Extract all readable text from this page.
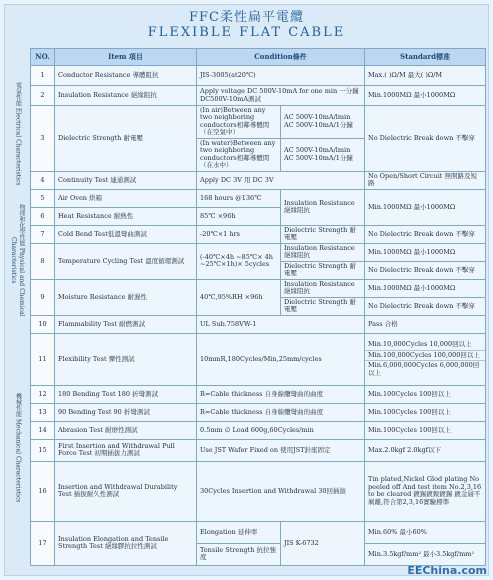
FFC柔性扁平電纜
FLEXIBLE FLAT CABLE
電氣性能 Electrical Characteristics
物理和化學性能 Physical and Chemical Characteristics
機械性能 Mechanical Characteristics
NO.	Item 項目	Condition條件		Standard標准
1	Conductor Resistance 導體阻抗	JIS-3005(at20℃)		Max.( )Ω/M 最大( )Ω/M
2	Insulation Resistance 絕緣阻抗	Apply voltage DC 500V-10mA for one min 一分鐘DC500V-10mA測試		Min.1000MΩ 最小1000MΩ
3	Dielectric Strength 耐電壓	(In air)Between any two neighboring conductors相鄰導體間（在空氣中）	AC 500V-10mA/lmin AC 500V-10mA/1分鐘	No Dielectric Break down 不擊穿
		(In water)Between any two neighboring conductors相鄰導體間（在水中）	AC 500V-10mA/lmin AC 500V-10mA/1分鐘	
4	Continuity Test 連通測試	Apply DC 3V 用 DC 3V		No Open/Short Circuit 無開路及短路
5	Air Oven 烘箱	168 hours @136℃	Insulation Resistance 絕緣阻抗	Min.1000MΩ 最小1000MΩ
6	Heat Resistance 耐熱性	85℃ ×96h		
7	Cold Bend Test低溫彎曲測試	-20℃×1 hrs	Dielectric Strength 耐電壓	No Dielectric Break down 不擊穿
8	Temperature Cycling Test 溫度循環測試	(-40℃×4h ~85℃× 4h ~25℃×1h)× 5cycles	Insulation Resistance 絕緣阻抗	Min.1000MΩ 最小1000MΩ
			Dielectric Strength 耐電壓	No Dielectric Break down 不擊穿
9	Moisture Resistance 耐濕性	40℃,95%RH ×96h	Insulation Resistance 絕緣阻抗	Min.1000MΩ 最小1000MΩ
			Dielectric Strength 耐電壓	No Dielectric Break down 不擊穿
10	Flammability Test 耐燃測試	UL Sub.758VW-1		Pass 合格
11	Flexibility Test 彈性測試	10mmR,180Cycles/Min,25mm/cycles		Min.10,000Cycles 10,000回以上
Min.100,000Cycles 100,000回以上
Min.6,000,000Cycles 6,000,000回以上

12	180 Bending Test 180 折彎測試	R=Cable thickness 自身線纜彎曲的曲度		Min.100Cycles 100回以上
13	90 Bending Test 90 折彎測試	R=Cable thickness 自身線纜彎曲的曲度		Min.100Cycles 100回以上
14	Abrasion Test 耐磨性測試	0.5mm ∅ Load 600g,60Cycles/min		Min.100Cycles 100回以上
15	First Insertion and Withdrawal Pull Force Test 初期插拔力測試	Use JST Wafer Fixed on 使用JST針座固定		Max.2.0kgf 2.0kgf以下
16	Insertion and Withdrawal Durability Test 插拔耐久性測試	30Cycles Insertion and Withdrawal 30回插拔		Tin plated,Nickel Glod plating No peeled off And test item No.2,3,16 to be cleared 鍍錫鍍鎳鍍錫 鍍金層不剝離,符合第2,3,16實驗標準
17	Insulation Elongation and Tensile Strength Test 絕緣膠抗拉性測試	Elongation 延伸率	JIS K-6732	Min.60% 最小60%
		Tensile Strength 抗拉強度		Min.3.5kgf/mm² 最小3.5kgf/mm²
EEChina.com
